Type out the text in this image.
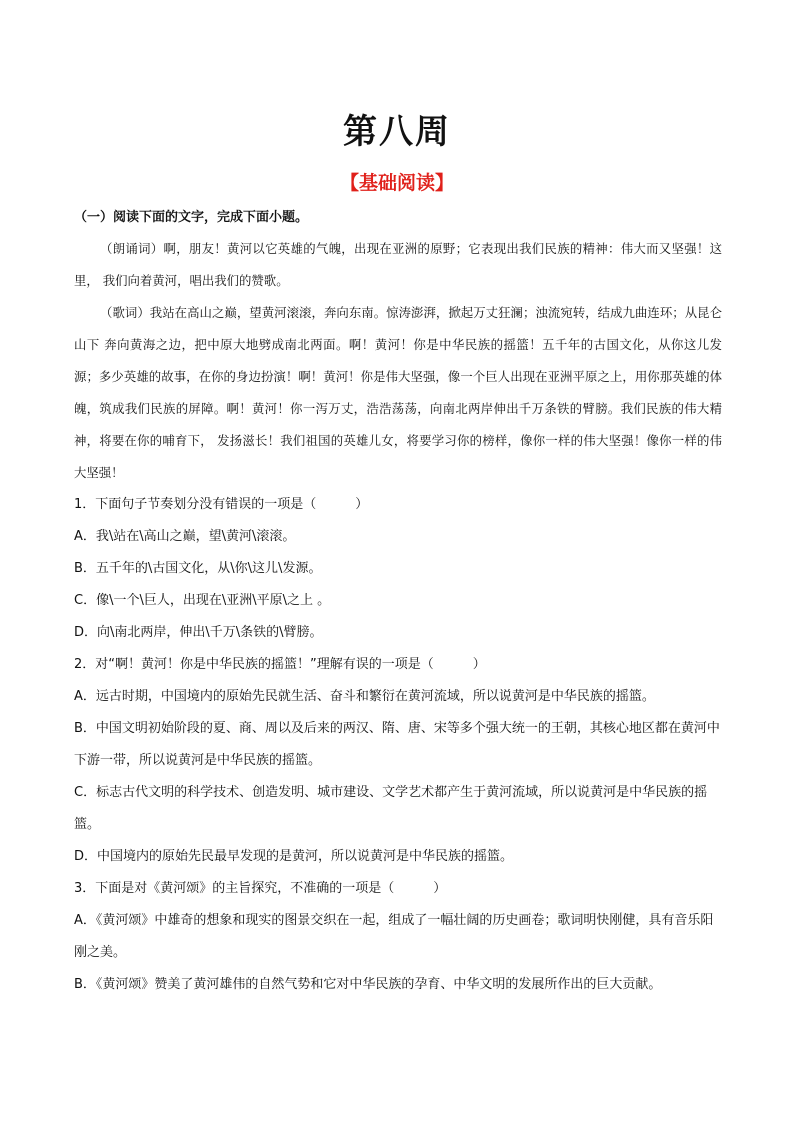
第八周
【基础阅读】

（一）阅读下面的文字，完成下面小题。

（朗诵词）啊，朋友！黄河以它英雄的气魄，出现在亚洲的原野；它表现出我们民族的精神：伟大而又坚强！这里， 我们向着黄河，唱出我们的赞歌。

（歌词）我站在高山之巅，望黄河滚滚，奔向东南。惊涛澎湃，掀起万丈狂澜；浊流宛转，结成九曲连环；从昆仑山下 奔向黄海之边，把中原大地劈成南北两面。啊！黄河！你是中华民族的摇篮！五千年的古国文化，从你这儿发源；多少英雄的故事，在你的身边扮演！啊！黄河！你是伟大坚强，像一个巨人出现在亚洲平原之上，用你那英雄的体魄，筑成我们民族的屏障。啊！黄河！你一泻万丈，浩浩荡荡，向南北两岸伸出千万条铁的臂膀。我们民族的伟大精神，将要在你的哺育下， 发扬滋长！我们祖国的英雄儿女，将要学习你的榜样，像你一样的伟大坚强！像你一样的伟大坚强！

1．下面句子节奏划分没有错误的一项是（　　　）

A．我\站在\高山之巅，望\黄河\滚滚。

B．五千年的\古国文化，从\你\这儿\发源。

C．像\一个\巨人，出现在\亚洲\平原\之上 。

D．向\南北两岸，伸出\千万\条铁的\臂膀。

2．对“啊！黄河！你是中华民族的摇篮！”理解有误的一项是（　　　）

A．远古时期，中国境内的原始先民就生活、奋斗和繁衍在黄河流域，所以说黄河是中华民族的摇篮。

B．中国文明初始阶段的夏、商、周以及后来的两汉、隋、唐、宋等多个强大统一的王朝，其核心地区都在黄河中下游一带，所以说黄河是中华民族的摇篮。

C．标志古代文明的科学技术、创造发明、城市建设、文学艺术都产生于黄河流域，所以说黄河是中华民族的摇篮。

D．中国境内的原始先民最早发现的是黄河，所以说黄河是中华民族的摇篮。

3．下面是对《黄河颂》的主旨探究，不准确的一项是（　　　）

A．《黄河颂》中雄奇的想象和现实的图景交织在一起，组成了一幅壮阔的历史画卷；歌词明快刚健，具有音乐阳刚之美。

B．《黄河颂》赞美了黄河雄伟的自然气势和它对中华民族的孕育、中华文明的发展所作出的巨大贡献。
